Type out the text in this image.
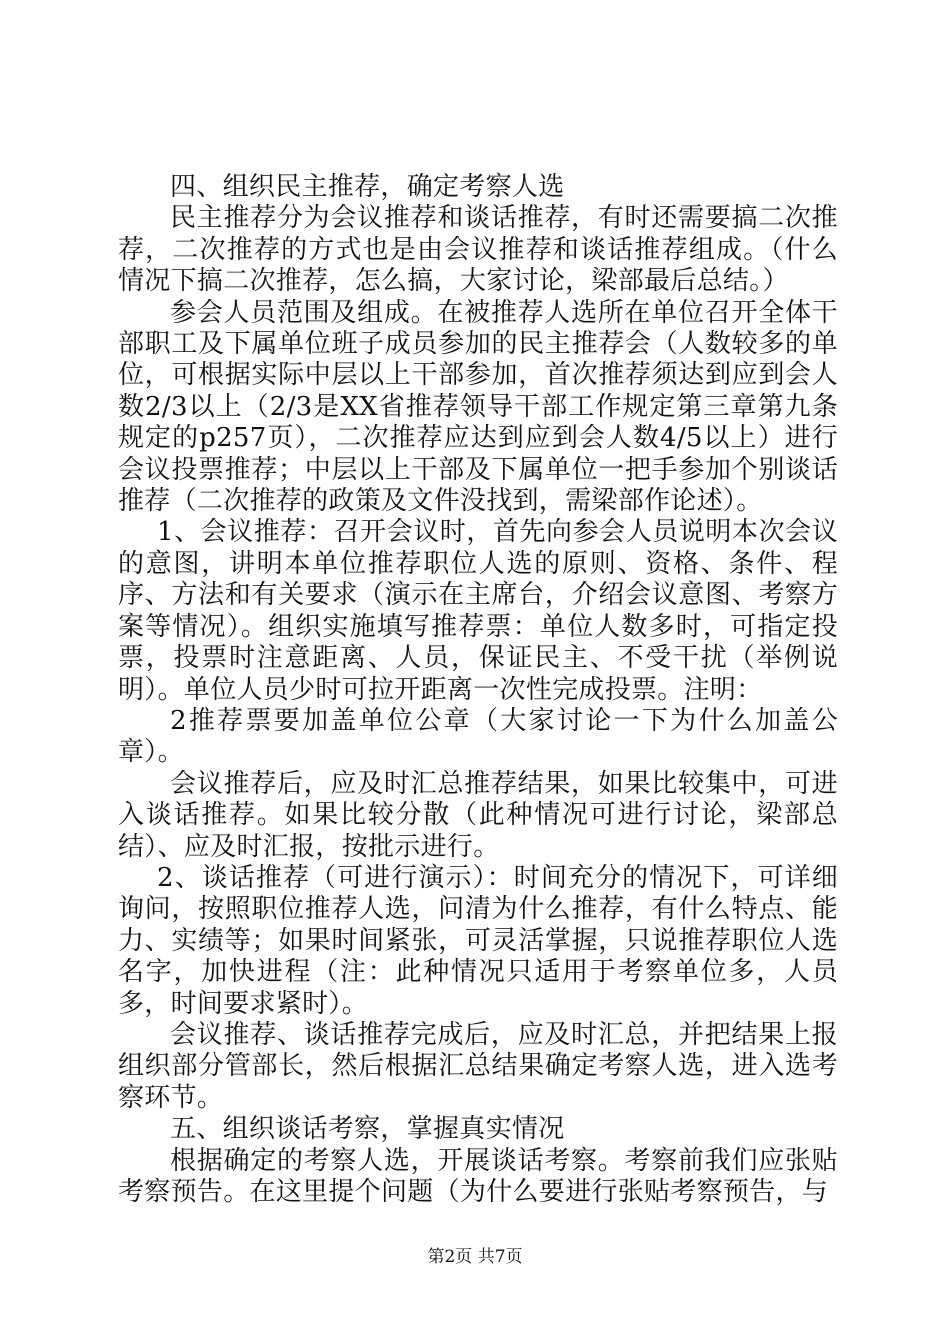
四、组织民主推荐，确定考察人选

民主推荐分为会议推荐和谈话推荐，有时还需要搞二次推荐，二次推荐的方式也是由会议推荐和谈话推荐组成。（什么情况下搞二次推荐，怎么搞，大家讨论，梁部最后总结。）

参会人员范围及组成。在被推荐人选所在单位召开全体干部职工及下属单位班子成员参加的民主推荐会（人数较多的单位，可根据实际中层以上干部参加，首次推荐须达到应到会人数2/3以上（2/3是XX省推荐领导干部工作规定第三章第九条规定的p257页），二次推荐应达到应到会人数4/5以上）进行会议投票推荐；中层以上干部及下属单位一把手参加个别谈话推荐（二次推荐的政策及文件没找到，需梁部作论述）。

1、会议推荐：召开会议时，首先向参会人员说明本次会议的意图，讲明本单位推荐职位人选的原则、资格、条件、程序、方法和有关要求（演示在主席台，介绍会议意图、考察方案等情况）。组织实施填写推荐票：单位人数多时，可指定投票，投票时注意距离、人员，保证民主、不受干扰（举例说明）。单位人员少时可拉开距离一次性完成投票。注明：

2推荐票要加盖单位公章（大家讨论一下为什么加盖公章）。

会议推荐后，应及时汇总推荐结果，如果比较集中，可进入谈话推荐。如果比较分散（此种情况可进行讨论，梁部总结）、应及时汇报，按批示进行。

2、谈话推荐（可进行演示）：时间充分的情况下，可详细询问，按照职位推荐人选，问清为什么推荐，有什么特点、能力、实绩等；如果时间紧张，可灵活掌握，只说推荐职位人选名字，加快进程（注：此种情况只适用于考察单位多，人员多，时间要求紧时）。

会议推荐、谈话推荐完成后，应及时汇总，并把结果上报组织部分管部长，然后根据汇总结果确定考察人选，进入选考察环节。

五、组织谈话考察，掌握真实情况

根据确定的考察人选，开展谈话考察。考察前我们应张贴考察预告。在这里提个问题（为什么要进行张贴考察预告，与

第2页 共7页
